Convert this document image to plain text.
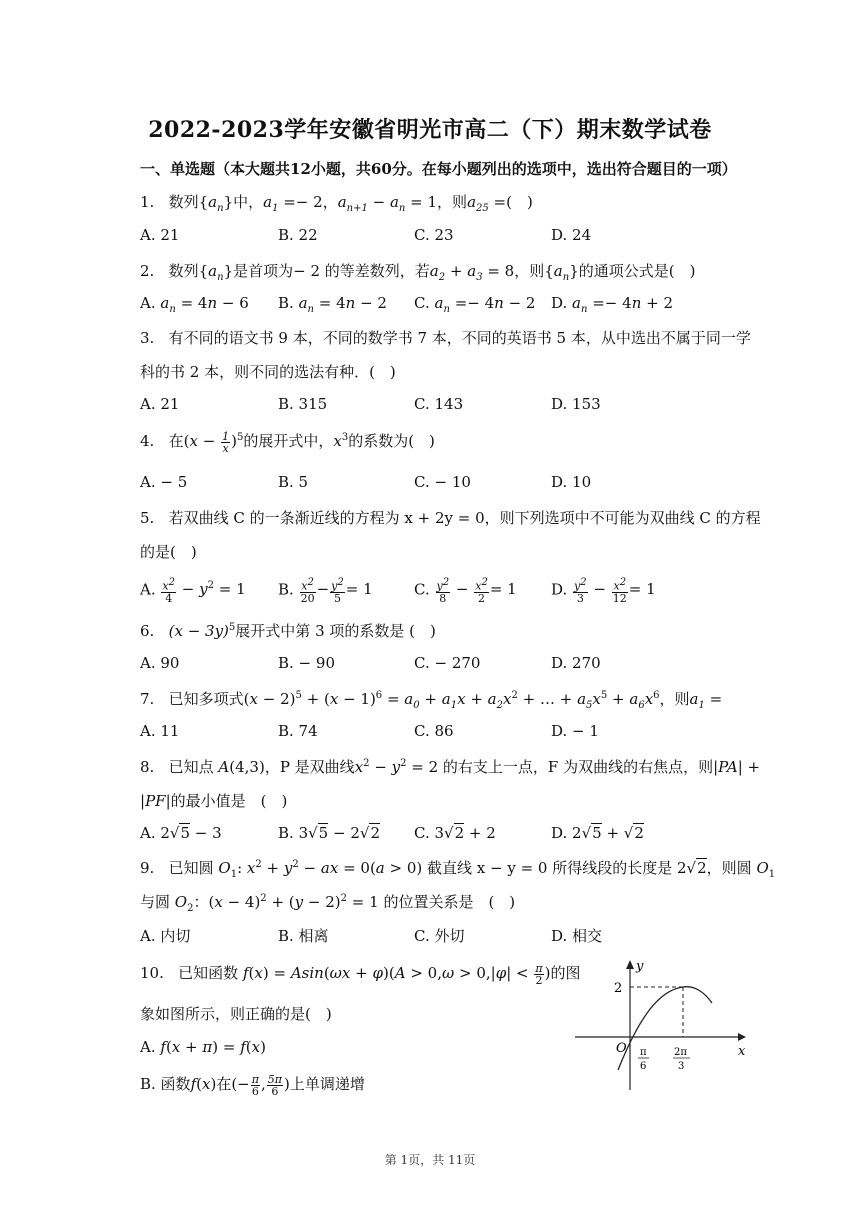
2022-2023学年安徽省明光市高二（下）期末数学试卷
一、单选题（本大题共12小题，共60分。在每小题列出的选项中，选出符合题目的一项）
1. 数列$\{a_n\}$中，$a_1 =- 2$，$a_{n+1} - a_n = 1$，则$a_{25}$ =(　)
A. 21	B. 22	C. 23	D. 24
2. 数列$\{a_n\}$是首项为− 2 的等差数列，若$a_2 + a_3 = 8$，则$\{a_n\}$的通项公式是(　)
A. $a_n = 4n - 6$ B. $a_n = 4n - 2$ C. $a_n =- 4n - 2$ D. $a_n =- 4n + 2$
3. 有不同的语文书 9 本，不同的数学书 7 本，不同的英语书 5 本，从中选出不属于同一学
科的书 2 本，则不同的选法有种．(　)
A. 21	B. 315	C. 143	D. 153
4. 在$(x - \frac{1}{x} )^5$的展开式中，$x^3$的系数为(　)
A. − 5	B. 5	C. − 10	D. 10
5. 若双曲线 C 的一条渐近线的方程为 x + 2y = 0，则下列选项中不可能为双曲线 C 的方程
的是(　)
A. $\frac{x^2}{4} - y^2 = 1$ B. $\frac{x^2}{20} - \frac{y^2}{5} = 1$	C. $\frac{y^2}{8} - \frac{x^2}{2} = 1$ D. $\frac{y^2}{3} - \frac{x^2}{12} = 1$
6. $(x - 3y)^5$展开式中第 3 项的系数是 (　)
A. 90	B. − 90	C. − 270	D. 270
7. 已知多项式$(x - 2)^5 + (x - 1)^6 = a_0 + a_1x + a_2x^2$ + … + $a_5x^5 + a_6x^6$，则$a_1$ =
A. 11	B. 74	C. 86	D. − 1
8. 已知点 A(4,3)，P 是双曲线$x^2 - y^2 = 2$ 的右支上一点，F 为双曲线的右焦点，则|PA| +
|PF|的最小值是　(　)
A. 2√5 − 3	B. 3√5 − 2√2 C. 3√2 + 2	D. 2√5 + √2
9. 已知圆 $O_1$: $x^2 + y^2$ − ax = 0(a > 0) 截直线 x − y = 0 所得线段的长度是 2√2，则圆 $O_1$
与圆 $O_2$：$(x - 4)^2 + (y - 2)^2 = 1$ 的位置关系是　(　)
A. 内切	B. 相离	C. 外切	D. 相交
10. 已知函数 $f(x) = Asin(\omega x + \varphi)(A > 0,\omega > 0,|\varphi| < \frac{\pi}{2}$ )的图
象如图所示，则正确的是(　)
A. f(x + π) = f(x)
B. 函数f(x)在(− $\frac{\pi}{6}$ , $\frac{5\pi}{6}$ )上单调递增
y
x
O
2
π
6
2π
3
第 1页，共 11页
